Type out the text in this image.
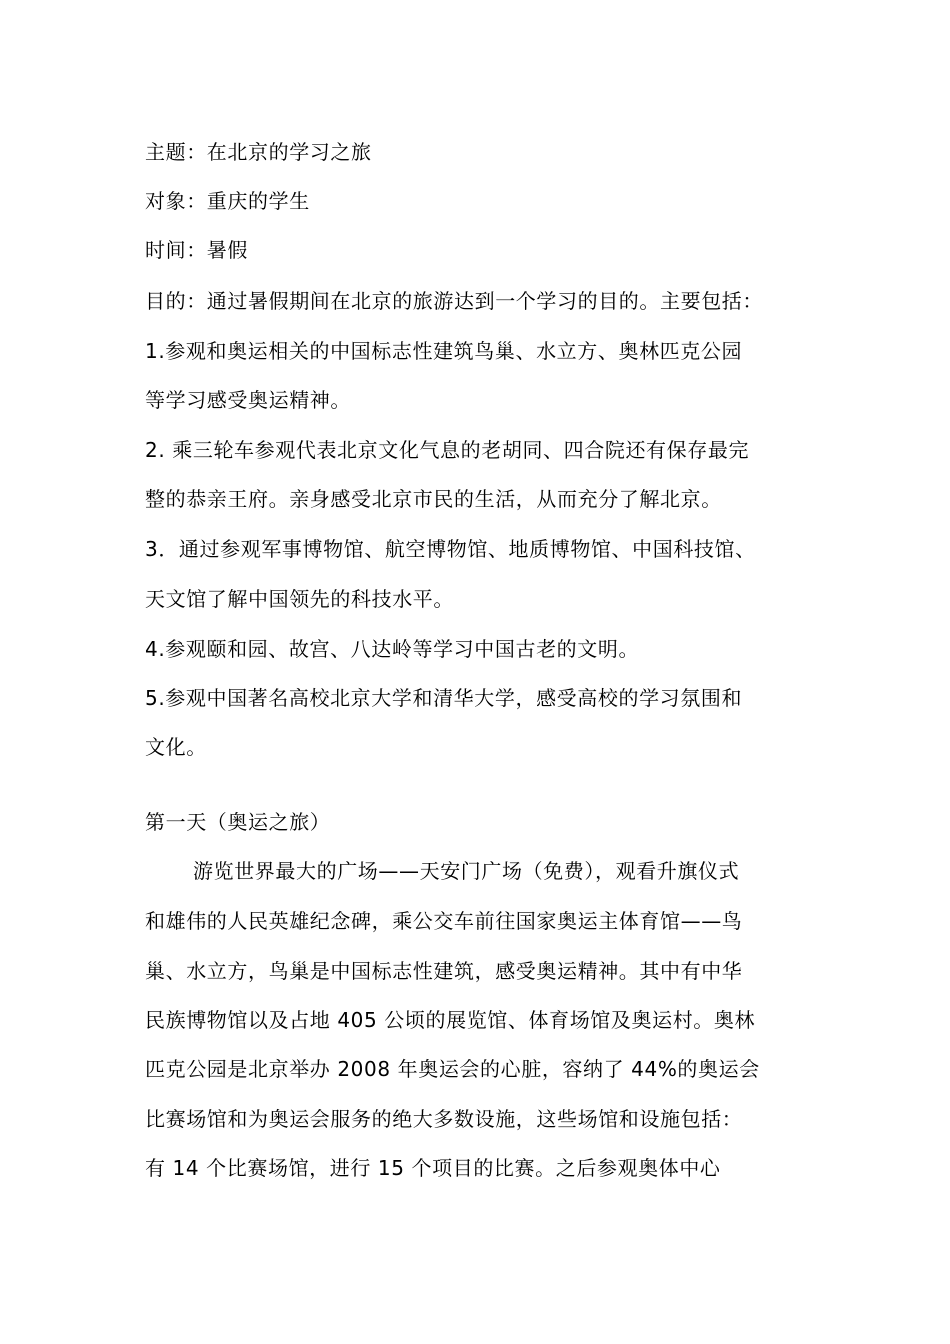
主题：在北京的学习之旅
对象：重庆的学生
时间：暑假
目的：通过暑假期间在北京的旅游达到一个学习的目的。主要包括：
1.参观和奥运相关的中国标志性建筑鸟巢、水立方、奥林匹克公园
等学习感受奥运精神。
2. 乘三轮车参观代表北京文化气息的老胡同、四合院还有保存最完
整的恭亲王府。亲身感受北京市民的生活，从而充分了解北京。
3．通过参观军事博物馆、航空博物馆、地质博物馆、中国科技馆、
天文馆了解中国领先的科技水平。
4.参观颐和园、故宫、八达岭等学习中国古老的文明。
5.参观中国著名高校北京大学和清华大学，感受高校的学习氛围和
文化。
第一天（奥运之旅）
游览世界最大的广场——天安门广场（免费），观看升旗仪式
和雄伟的人民英雄纪念碑，乘公交车前往国家奥运主体育馆——鸟
巢、水立方，鸟巢是中国标志性建筑，感受奥运精神。其中有中华
民族博物馆以及占地 405 公顷的展览馆、体育场馆及奥运村。奥林
匹克公园是北京举办 2008 年奥运会的心脏，容纳了 44%的奥运会
比赛场馆和为奥运会服务的绝大多数设施，这些场馆和设施包括：
有 14 个比赛场馆，进行 15 个项目的比赛。之后参观奥体中心
